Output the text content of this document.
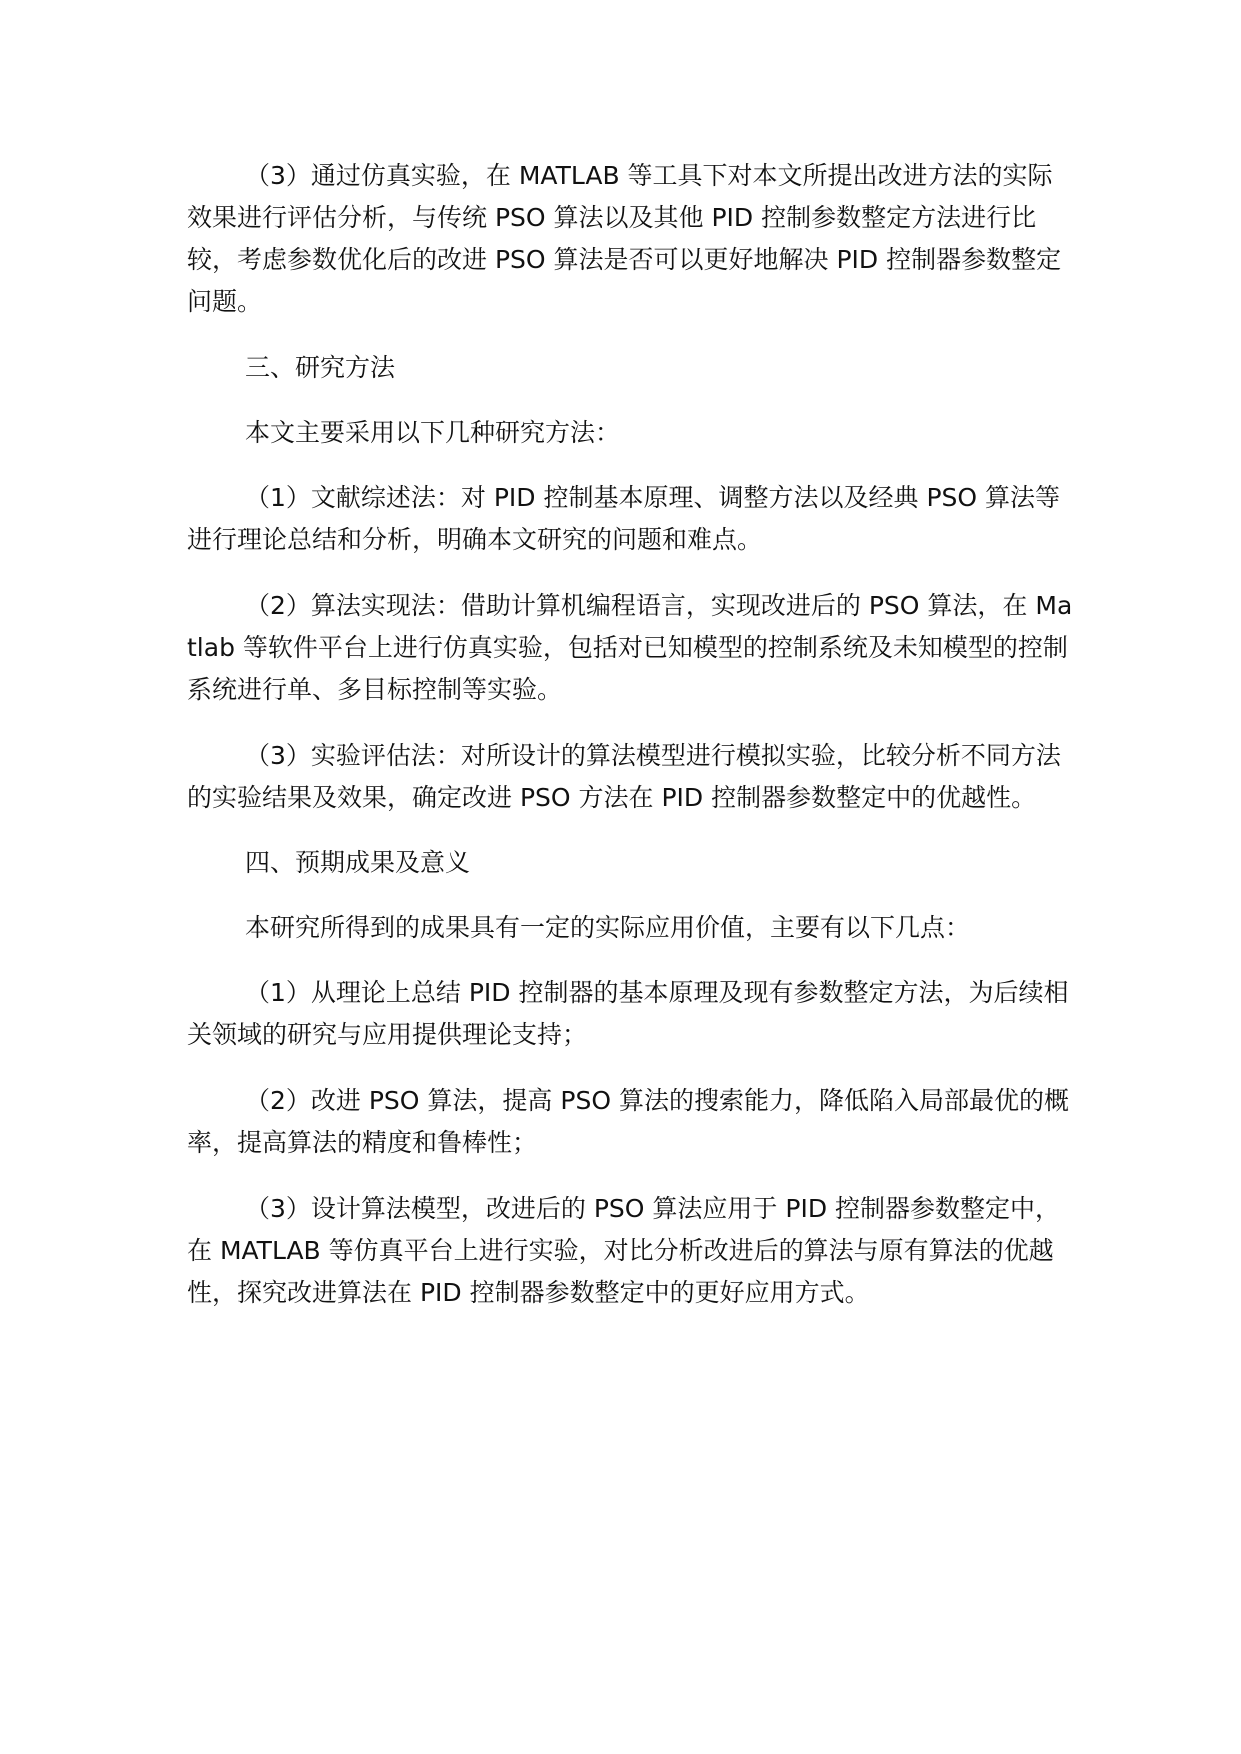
（3）通过仿真实验，在 MATLAB 等工具下对本文所提出改进方法的实际效果进行评估分析，与传统 PSO 算法以及其他 PID 控制参数整定方法进行比较，考虑参数优化后的改进 PSO 算法是否可以更好地解决 PID 控制器参数整定问题。

三、研究方法

本文主要采用以下几种研究方法：

（1）文献综述法：对 PID 控制基本原理、调整方法以及经典 PSO 算法等进行理论总结和分析，明确本文研究的问题和难点。

（2）算法实现法：借助计算机编程语言，实现改进后的 PSO 算法，在 Matlab 等软件平台上进行仿真实验，包括对已知模型的控制系统及未知模型的控制系统进行单、多目标控制等实验。

（3）实验评估法：对所设计的算法模型进行模拟实验，比较分析不同方法的实验结果及效果，确定改进 PSO 方法在 PID 控制器参数整定中的优越性。

四、预期成果及意义

本研究所得到的成果具有一定的实际应用价值，主要有以下几点：

（1）从理论上总结 PID 控制器的基本原理及现有参数整定方法，为后续相关领域的研究与应用提供理论支持；

（2）改进 PSO 算法，提高 PSO 算法的搜索能力，降低陷入局部最优的概率，提高算法的精度和鲁棒性；

（3）设计算法模型，改进后的 PSO 算法应用于 PID 控制器参数整定中，在 MATLAB 等仿真平台上进行实验，对比分析改进后的算法与原有算法的优越性，探究改进算法在 PID 控制器参数整定中的更好应用方式。
